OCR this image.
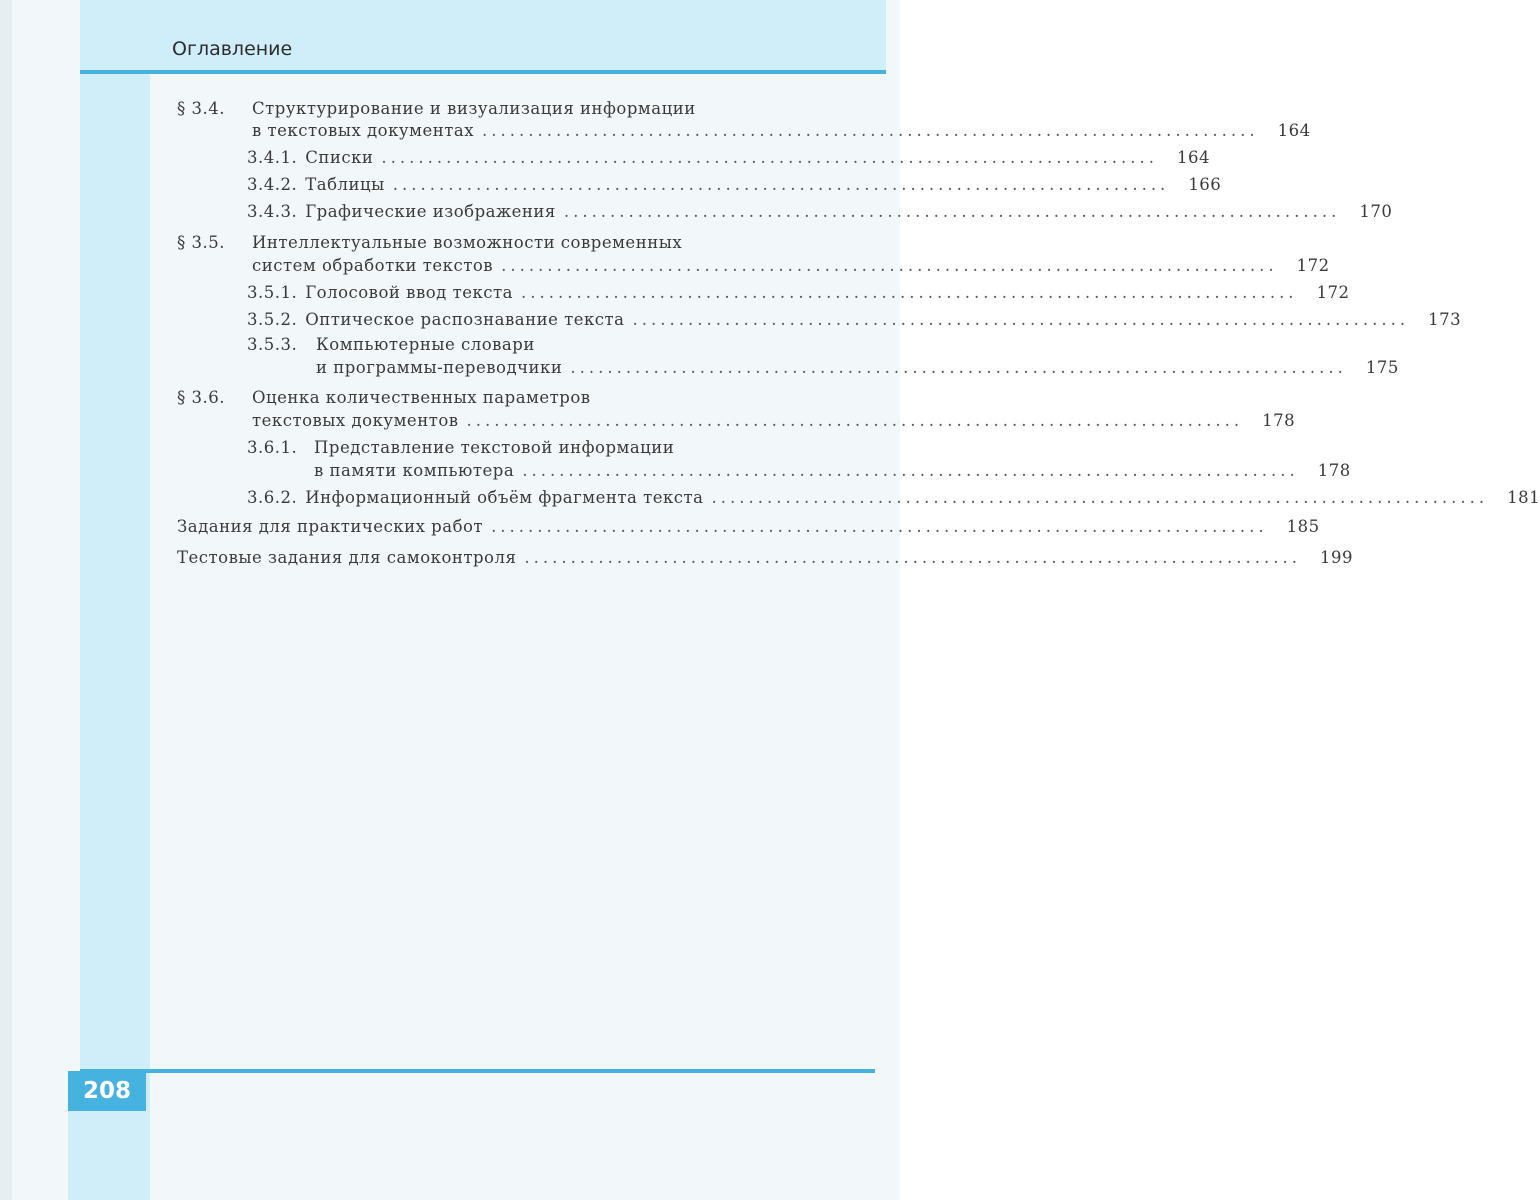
Оглавление
§ 3.4. Структурирование и визуализация информации
в текстовых документах ....................................................................................	164
3.4.1. Списки ....................................................................................	164
3.4.2. Таблицы ....................................................................................	166
3.4.3. Графические изображения ....................................................................................	170
§ 3.5. Интеллектуальные возможности современных
систем обработки текстов ....................................................................................	172
3.5.1. Голосовой ввод текста ....................................................................................	172
3.5.2. Оптическое распознавание текста ....................................................................................	173
3.5.3. Компьютерные словари
и программы-переводчики ....................................................................................	175
§ 3.6. Оценка количественных параметров
текстовых документов ....................................................................................	178
3.6.1. Представление текстовой информации
в памяти компьютера ....................................................................................	178
3.6.2. Информационный объём фрагмента текста ....................................................................................	181
Задания для практических работ ....................................................................................	185
Тестовые задания для самоконтроля ....................................................................................	199
208
